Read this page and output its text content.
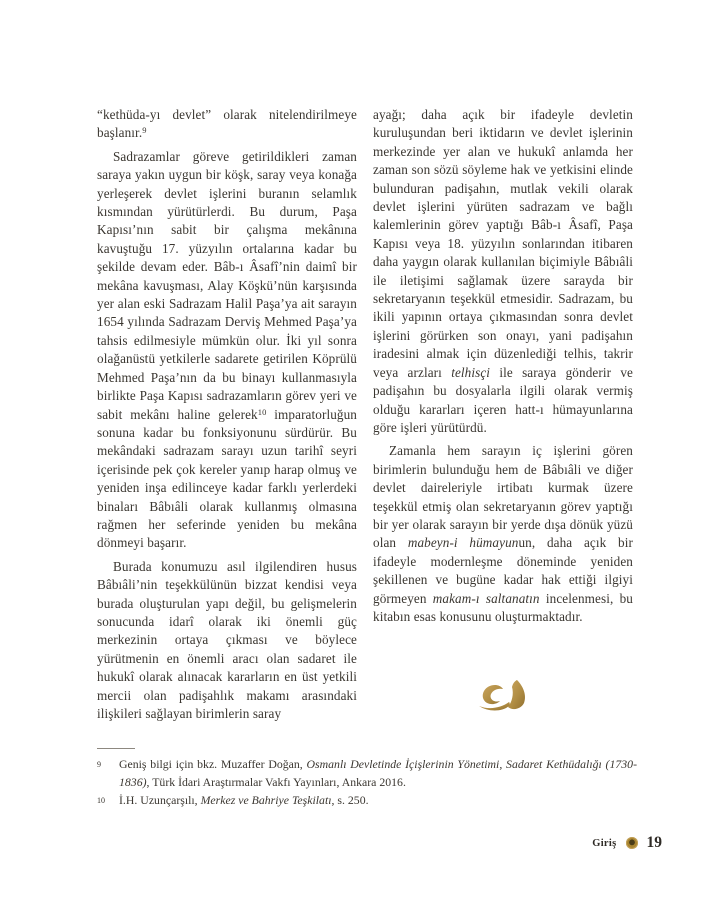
“kethüda-yı devlet” olarak nitelendirilmeye başlanır.$^9$

Sadrazamlar göreve getirildikleri zaman saraya yakın uygun bir köşk, saray veya konağa yerleşerek devlet işlerini buranın selamlık kısmından yürütürlerdi. Bu durum, Paşa Kapısı’nın sabit bir çalışma mekânına kavuştuğu 17. yüzyılın ortalarına kadar bu şekilde devam eder. Bâb-ı Âsafî’nin daimî bir mekâna kavuşması, Alay Köşkü’nün karşısında yer alan eski Sadrazam Halil Paşa’ya ait sarayın 1654 yılında Sadrazam Derviş Mehmed Paşa’ya tahsis edilmesiyle mümkün olur. İki yıl sonra olağanüstü yetkilerle sadarete getirilen Köprülü Mehmed Paşa’nın da bu binayı kullanmasıyla birlikte Paşa Kapısı sadrazamların görev yeri ve sabit mekânı haline gelerek$^{10}$ imparatorluğun sonuna kadar bu fonksiyonunu sürdürür. Bu mekândaki sadrazam sarayı uzun tarihî seyri içerisinde pek çok kereler yanıp harap olmuş ve yeniden inşa edilinceye kadar farklı yerlerdeki binaları Bâbıâli olarak kullanmış olmasına rağmen her seferinde yeniden bu mekâna dönmeyi başarır.

Burada konumuzu asıl ilgilendiren husus Bâbıâli’nin teşekkülünün bizzat kendisi veya burada oluşturulan yapı değil, bu gelişmelerin sonucunda idarî olarak iki önemli güç merkezinin ortaya çıkması ve böylece yürütmenin en önemli aracı olan sadaret ile hukukî olarak alınacak kararların en üst yetkili mercii olan padişahlık makamı arasındaki ilişkileri sağlayan birimlerin saray

ayağı; daha açık bir ifadeyle devletin kuruluşundan beri iktidarın ve devlet işlerinin merkezinde yer alan ve hukukî anlamda her zaman son sözü söyleme hak ve yetkisini elinde bulunduran padişahın, mutlak vekili olarak devlet işlerini yürüten sadrazam ve bağlı kalemlerinin görev yaptığı Bâb-ı Âsafî, Paşa Kapısı veya 18. yüzyılın sonlarından itibaren daha yaygın olarak kullanılan biçimiyle Bâbıâli ile iletişimi sağlamak üzere sarayda bir sekretaryanın teşekkül etmesidir. Sadrazam, bu ikili yapının ortaya çıkmasından sonra devlet işlerini görürken son onayı, yani padişahın iradesini almak için düzenlediği telhis, takrir veya arzları telhisçi ile saraya gönderir ve padişahın bu dosyalarla ilgili olarak vermiş olduğu kararları içeren hatt-ı hümayunlarına göre işleri yürütürdü.

Zamanla hem sarayın iç işlerini gören birimlerin bulunduğu hem de Bâbıâli ve diğer devlet daireleriyle irtibatı kurmak üzere teşekkül etmiş olan sekretaryanın görev yaptığı bir yer olarak sarayın bir yerde dışa dönük yüzü olan mabeyn-i hümayunun, daha açık bir ifadeyle modernleşme döneminde yeniden şekillenen ve bugüne kadar hak ettiği ilgiyi görmeyen makam-ı saltanatın incelenmesi, bu kitabın esas konusunu oluşturmaktadır.

9 Geniş bilgi için bkz. Muzaffer Doğan, Osmanlı Devletinde İçişlerinin Yönetimi, Sadaret Kethüdalığı (1730-1836), Türk İdari Araştırmalar Vakfı Yayınları, Ankara 2016.
10 İ.H. Uzunçarşılı, Merkez ve Bahriye Teşkilatı, s. 250.
Giriş 19
